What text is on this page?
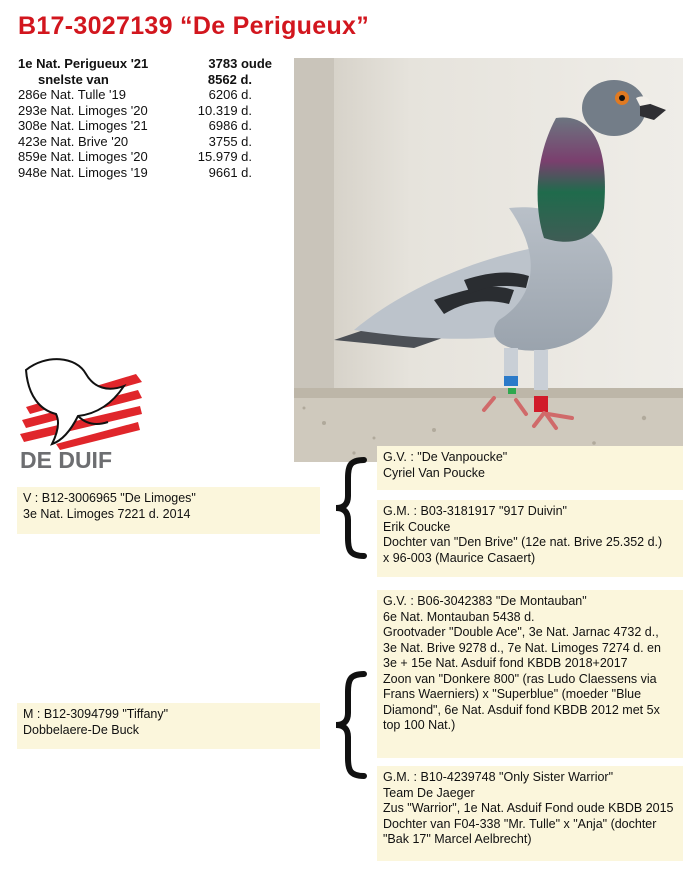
B17-3027139 “De Perigueux”
1e Nat. Perigueux '21	3783 oude
snelste van	8562 d.
286e Nat. Tulle '19	6206 d.
293e Nat. Limoges '20	10.319 d.
308e Nat. Limoges '21	6986 d.
423e Nat. Brive '20	3755 d.
859e Nat. Limoges '20	15.979 d.
948e Nat. Limoges '19	9661 d.
DE DUIF
V : B12-3006965 "De Limoges"
3e Nat. Limoges 7221 d. 2014
G.V. : "De Vanpoucke"
Cyriel Van Poucke
G.M. : B03-3181917 "917 Duivin"
Erik Coucke
Dochter van "Den Brive" (12e nat. Brive 25.352 d.)
x 96-003 (Maurice Casaert)
M : B12-3094799 "Tiffany"
Dobbelaere-De Buck
G.V. : B06-3042383 "De Montauban"
6e Nat. Montauban 5438 d.
Grootvader "Double Ace", 3e Nat. Jarnac 4732 d.,
3e Nat. Brive 9278 d., 7e Nat. Limoges 7274 d. en
3e + 15e Nat. Asduif fond KBDB 2018+2017
Zoon van "Donkere 800" (ras Ludo Claessens via
Frans Waerniers) x "Superblue" (moeder "Blue
Diamond", 6e Nat. Asduif fond KBDB 2012 met 5x
top 100 Nat.)
G.M. : B10-4239748 "Only Sister Warrior"
Team De Jaeger
Zus "Warrior", 1e Nat. Asduif Fond oude KBDB 2015
Dochter van F04-338 "Mr. Tulle" x "Anja" (dochter
"Bak 17" Marcel Aelbrecht)
